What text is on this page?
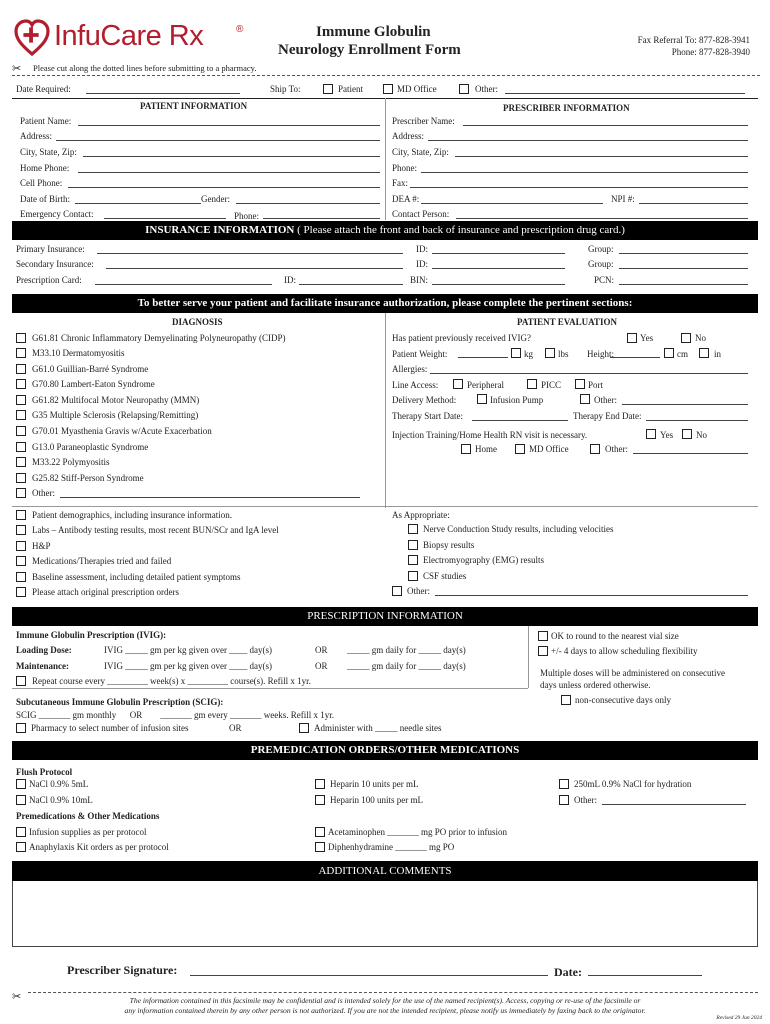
InfuCare Rx	®	Immune Globulin
Neurology Enrollment Form
Fax Referral To: 877-828-3941
Phone: 877-828-3940
✂ Please cut along the dotted lines before submitting to a pharmacy.
Date Required:	Ship To:	Patient	MD Office	Other:
PATIENT INFORMATION	PRESCRIBER INFORMATION
Patient Name:
Address:
City, State, Zip:
Home Phone:
Cell Phone:
Date of Birth:	Gender:
Emergency Contact:	Phone:
Prescriber Name:
Address:
City, State, Zip:
Phone:
Fax:
DEA #:	NPI #:
Contact Person:
INSURANCE INFORMATION ( Please attach the front and back of insurance and prescription drug card.)
Primary Insurance:	ID:	Group:
Secondary Insurance:	ID:	Group:
Prescription Card:	ID:	BIN:	PCN:
To better serve your patient and facilitate insurance authorization, please complete the pertinent sections:
DIAGNOSIS	PATIENT EVALUATION
G61.81 Chronic Inflammatory Demyelinating Polyneuropathy (CIDP)
M33.10 Dermatomyositis
G61.0 Guillian-Barré Syndrome
G70.80 Lambert-Eaton Syndrome
G61.82 Multifocal Motor Neuropathy (MMN)
G35 Multiple Sclerosis (Relapsing/Remitting)
G70.01 Myasthenia Gravis w/Acute Exacerbation
G13.0 Paraneoplastic Syndrome
M33.22 Polymyositis
G25.82 Stiff-Person Syndrome
Other:
Has patient previously received IVIG?	Yes	No
Patient Weight:	kg	lbs Height:	cm	in
Allergies:
Line Access:	Peripheral	PICC	Port
Delivery Method:	Infusion Pump	Other:
Therapy Start Date:	Therapy End Date:
Injection Training/Home Health RN visit is necessary.	Yes	No
Home	MD Office	Other:
Patient demographics, including insurance information.
Labs – Antibody testing results, most recent BUN/SCr and IgA level
H&P
Medications/Therapies tried and failed
Baseline assessment, including detailed patient symptoms
Please attach original prescription orders
As Appropriate:
Nerve Conduction Study results, including velocities
Biopsy results
Electromyography (EMG) results
CSF studies
Other:
PRESCRIPTION INFORMATION
Immune Globulin Prescription (IVIG):
Loading Dose:	IVIG _____ gm per kg given over ____ day(s)	OR _____ gm daily for _____ day(s)
Maintenance:	IVIG _____ gm per kg given over ____ day(s)	OR _____ gm daily for _____ day(s)
Repeat course every _________ week(s) x _________ course(s). Refill x 1yr.
OK to round to the nearest vial size
+/- 4 days to allow scheduling flexibility
Multiple doses will be administered on consecutive
days unless ordered otherwise.
non-consecutive days only
Subcutaneous Immune Globulin Prescription (SCIG):
SCIG _______ gm monthly      OR        _______ gm every _______ weeks. Refill x 1yr.
Pharmacy to select number of infusion sites	OR	Administer with _____ needle sites
PREMEDICATION ORDERS/OTHER MEDICATIONS
Flush Protocol
NaCl 0.9% 5mL
NaCl 0.9% 10mL
Heparin 10 units per mL
Heparin 100 units per mL
250mL 0.9% NaCl for hydration
Other:
Premedications & Other Medications
Infusion supplies as per protocol
Anaphylaxis Kit orders as per protocol
Acetaminophen _______ mg PO prior to infusion
Diphenhydramine _______ mg PO
ADDITIONAL COMMENTS
Prescriber Signature:	Date:
✂	The information contained in this facsimile may be confidential and is intended solely for the use of the named recipient(s). Access, copying or re-use of the facsimile or
any information contained therein by any other person is not authorized. If you are not the intended recipient, please notify us immediately by faxing back to the originator.
Revised 29 Jun 2024
